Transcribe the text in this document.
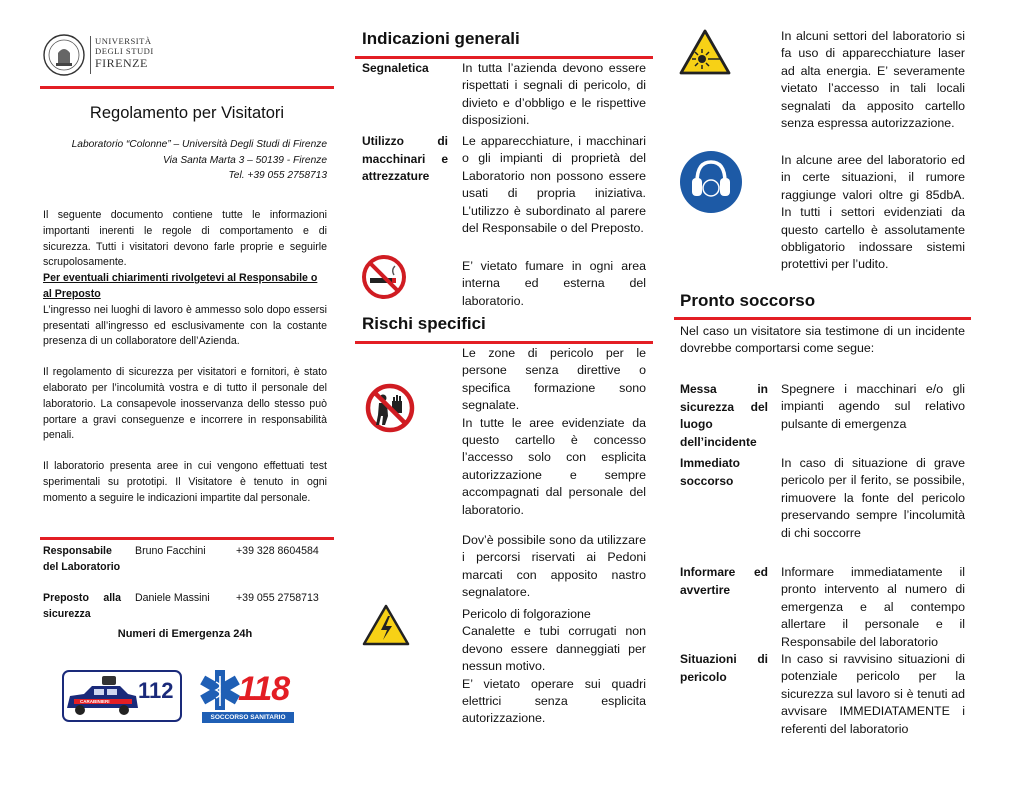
UNIVERSITÀ
DEGLI STUDI
FIRENZE
Regolamento per Visitatori
Laboratorio “Colonne” – Università Degli Studi di Firenze
Via Santa Marta 3 – 50139 - Firenze
Tel. +39 055 2758713
Il seguente documento contiene tutte le informazioni importanti inerenti le regole di comportamento e di sicurezza. Tutti i visitatori devono farle proprie e seguirle scrupolosamente.
Per eventuali chiarimenti rivolgetevi al Responsabile o al Preposto
L’ingresso nei luoghi di lavoro è ammesso solo dopo essersi presentati all’ingresso ed esclusivamente con la costante presenza di un collaboratore dell’Azienda.
Il regolamento di sicurezza per visitatori e fornitori, è stato elaborato per l’incolumità vostra e di tutto il personale del laboratorio. La consapevole inosservanza dello stesso può portare a gravi conseguenze e incorrere in responsabilità penali.
Il laboratorio presenta aree in cui vengono effettuati test sperimentali su prototipi. Il Visitatore è tenuto in ogni momento a seguire le indicazioni impartite dal personale.
Responsabile del Laboratorio
Bruno Facchini	+39 328 8604584
Preposto alla sicurezza
Daniele Massini +39 055 2758713
Numeri di Emergenza 24h
CARABINIERI 112 118
SOCCORSO SANITARIO
Indicazioni generali
Segnaletica	In tutta l’azienda devono essere rispettati i segnali di pericolo, di divieto e d’obbligo e le rispettive disposizioni.
Utilizzo di macchinari e attrezzature
Le apparecchiature, i macchinari o gli impianti di proprietà del Laboratorio non possono essere usati di propria iniziativa. L’utilizzo è subordinato al parere del Responsabile o del Preposto.
E’ vietato fumare in ogni area interna ed esterna del laboratorio.
Rischi specifici
Le zone di pericolo per le persone senza direttive o specifica formazione sono segnalate.
In tutte le aree evidenziate da questo cartello è concesso l’accesso solo con esplicita autorizzazione e sempre accompagnati dal personale del laboratorio.
Dov’è possibile sono da utilizzare i percorsi riservati ai Pedoni marcati con apposito nastro segnalatore.
Pericolo di folgorazione
Canalette e tubi corrugati non devono essere danneggiati per nessun motivo.
E’ vietato operare sui quadri elettrici senza esplicita autorizzazione.
In alcuni settori del laboratorio si fa uso di apparecchiature laser ad alta energia. E’ severamente vietato l’accesso in tali locali segnalati da apposito cartello senza espressa autorizzazione.
In alcune aree del laboratorio ed in certe situazioni, il rumore raggiunge valori oltre gi 85dbA. In tutti i settori evidenziati da questo cartello è assolutamente obbligatorio indossare sistemi protettivi per l’udito.
Pronto soccorso
Nel caso un visitatore sia testimone di un incidente dovrebbe comportarsi come segue:
Messa in sicurezza del luogo dell’incidente
Spegnere i macchinari e/o gli impianti agendo sul relativo pulsante di emergenza
Immediato soccorso
In caso di situazione di grave pericolo per il ferito, se possibile, rimuovere la fonte del pericolo preservando sempre l’incolumità di chi soccorre
Informare ed avvertire
Informare immediatamente il pronto intervento al numero di emergenza e al contempo allertare il personale e il Responsabile del laboratorio
Situazioni di pericolo
In caso si ravvisino situazioni di potenziale pericolo per la sicurezza sul lavoro si è tenuti ad avvisare IMMEDIATAMENTE i referenti del laboratorio
